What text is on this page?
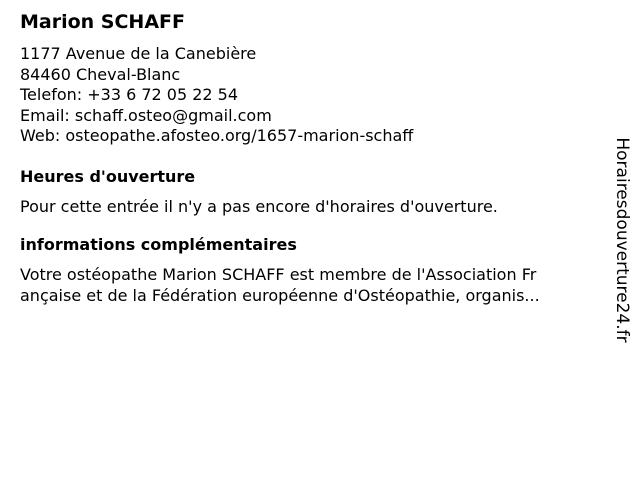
Marion SCHAFF
1177 Avenue de la Canebière
84460 Cheval-Blanc
Telefon: +33 6 72 05 22 54
Email: schaff.osteo@gmail.com
Web: osteopathe.afosteo.org/1657-marion-schaff
Heures d'ouverture
Pour cette entrée il n'y a pas encore d'horaires d'ouverture.
informations complémentaires
Votre ostéopathe Marion SCHAFF est membre de l'Association Fr
ançaise et de la Fédération européenne d'Ostéopathie, organis...	Horairesdouverture24.fr
